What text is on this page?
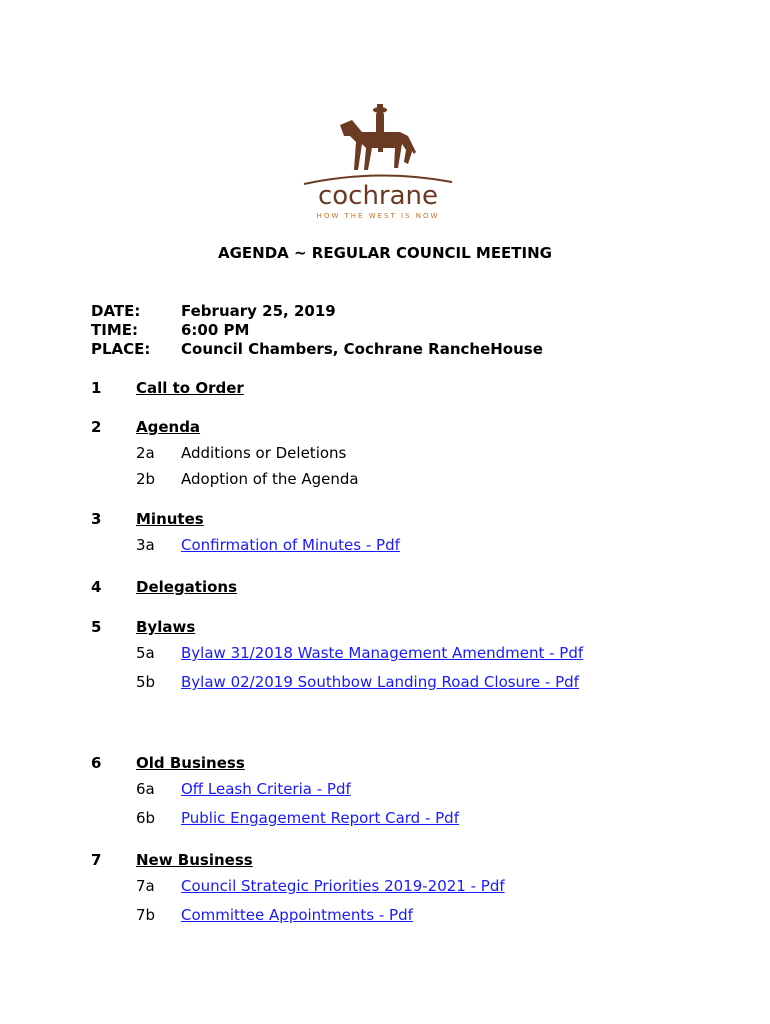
cochrane
HOW THE WEST IS NOW
AGENDA ~ REGULAR COUNCIL MEETING
DATE:	February 25, 2019
TIME:	6:00 PM
PLACE: Council Chambers, Cochrane RancheHouse
1 Call to Order
2 Agenda
2a Additions or Deletions
2b Adoption of the Agenda
3 Minutes
3a Confirmation of Minutes - Pdf
4 Delegations
5 Bylaws
5a Bylaw 31/2018 Waste Management Amendment - Pdf
5b Bylaw 02/2019 Southbow Landing Road Closure - Pdf
6 Old Business
6a Off Leash Criteria - Pdf
6b Public Engagement Report Card - Pdf
7 New Business
7a Council Strategic Priorities 2019-2021 - Pdf
7b Committee Appointments - Pdf
